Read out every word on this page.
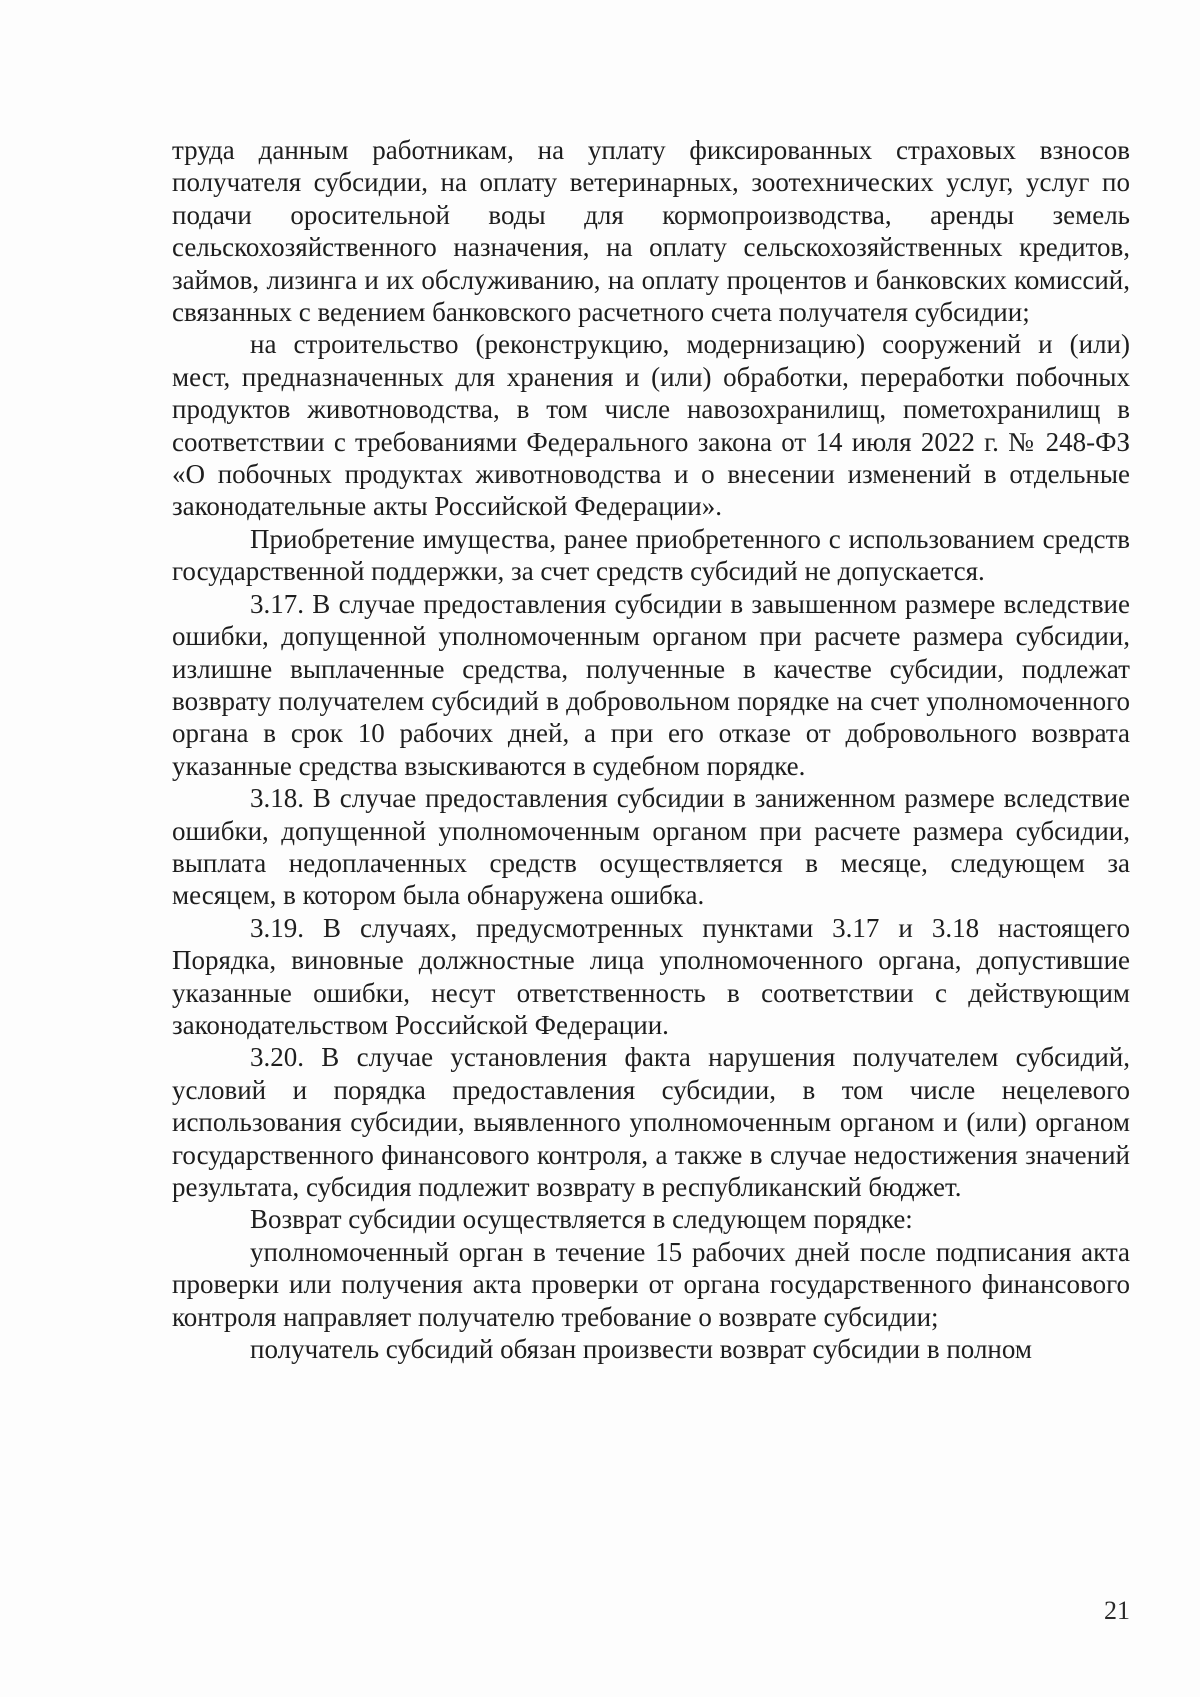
труда данным работникам, на уплату фиксированных страховых взносов получателя субсидии, на оплату ветеринарных, зоотехнических услуг, услуг по подачи оросительной воды для кормопроизводства, аренды земель сельскохозяйственного назначения, на оплату сельскохозяйственных кредитов, займов, лизинга и их обслуживанию, на оплату процентов и банковских комиссий, связанных с ведением банковского расчетного счета получателя субсидии;

на строительство (реконструкцию, модернизацию) сооружений и (или) мест, предназначенных для хранения и (или) обработки, переработки побочных продуктов животноводства, в том числе навозохранилищ, пометохранилищ в соответствии с требованиями Федерального закона от 14 июля 2022 г. № 248-ФЗ «О побочных продуктах животноводства и о внесении изменений в отдельные законодательные акты Российской Федерации».

Приобретение имущества, ранее приобретенного с использованием средств государственной поддержки, за счет средств субсидий не допускается.

3.17. В случае предоставления субсидии в завышенном размере вследствие ошибки, допущенной уполномоченным органом при расчете размера субсидии, излишне выплаченные средства, полученные в качестве субсидии, подлежат возврату получателем субсидий в добровольном порядке на счет уполномоченного органа в срок 10 рабочих дней, а при его отказе от добровольного возврата указанные средства взыскиваются в судебном порядке.

3.18. В случае предоставления субсидии в заниженном размере вследствие ошибки, допущенной уполномоченным органом при расчете размера субсидии, выплата недоплаченных средств осуществляется в месяце, следующем за месяцем, в котором была обнаружена ошибка.

3.19. В случаях, предусмотренных пунктами 3.17 и 3.18 настоящего Порядка, виновные должностные лица уполномоченного органа, допустившие указанные ошибки, несут ответственность в соответствии с действующим законодательством Российской Федерации.

3.20. В случае установления факта нарушения получателем субсидий, условий и порядка предоставления субсидии, в том числе нецелевого использования субсидии, выявленного уполномоченным органом и (или) органом государственного финансового контроля, а также в случае недостижения значений результата, субсидия подлежит возврату в республиканский бюджет.

Возврат субсидии осуществляется в следующем порядке:

уполномоченный орган в течение 15 рабочих дней после подписания акта проверки или получения акта проверки от органа государственного финансового контроля направляет получателю требование о возврате субсидии;

получатель субсидий обязан произвести возврат субсидии в полном

21
